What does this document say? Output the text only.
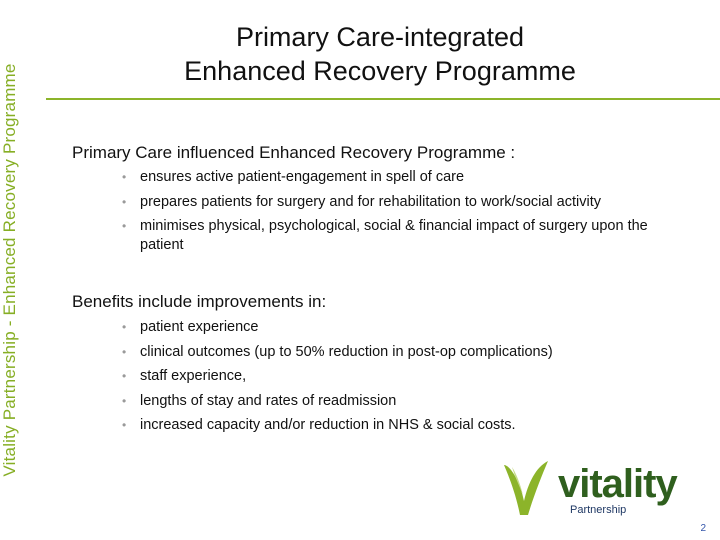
Vitality Partnership - Enhanced Recovery Programme
Primary Care-integrated
Enhanced Recovery Programme
Primary Care influenced Enhanced Recovery Programme :
• ensures active patient-engagement in spell of care
• prepares patients for surgery and for rehabilitation to work/social activity
• minimises physical, psychological, social & financial impact of surgery upon the patient
Benefits include improvements in:
• patient experience
• clinical outcomes (up to 50% reduction in post-op complications)
• staff experience,
• lengths of stay and rates of readmission
• increased capacity and/or reduction in NHS & social costs.
vitality
Partnership
2
